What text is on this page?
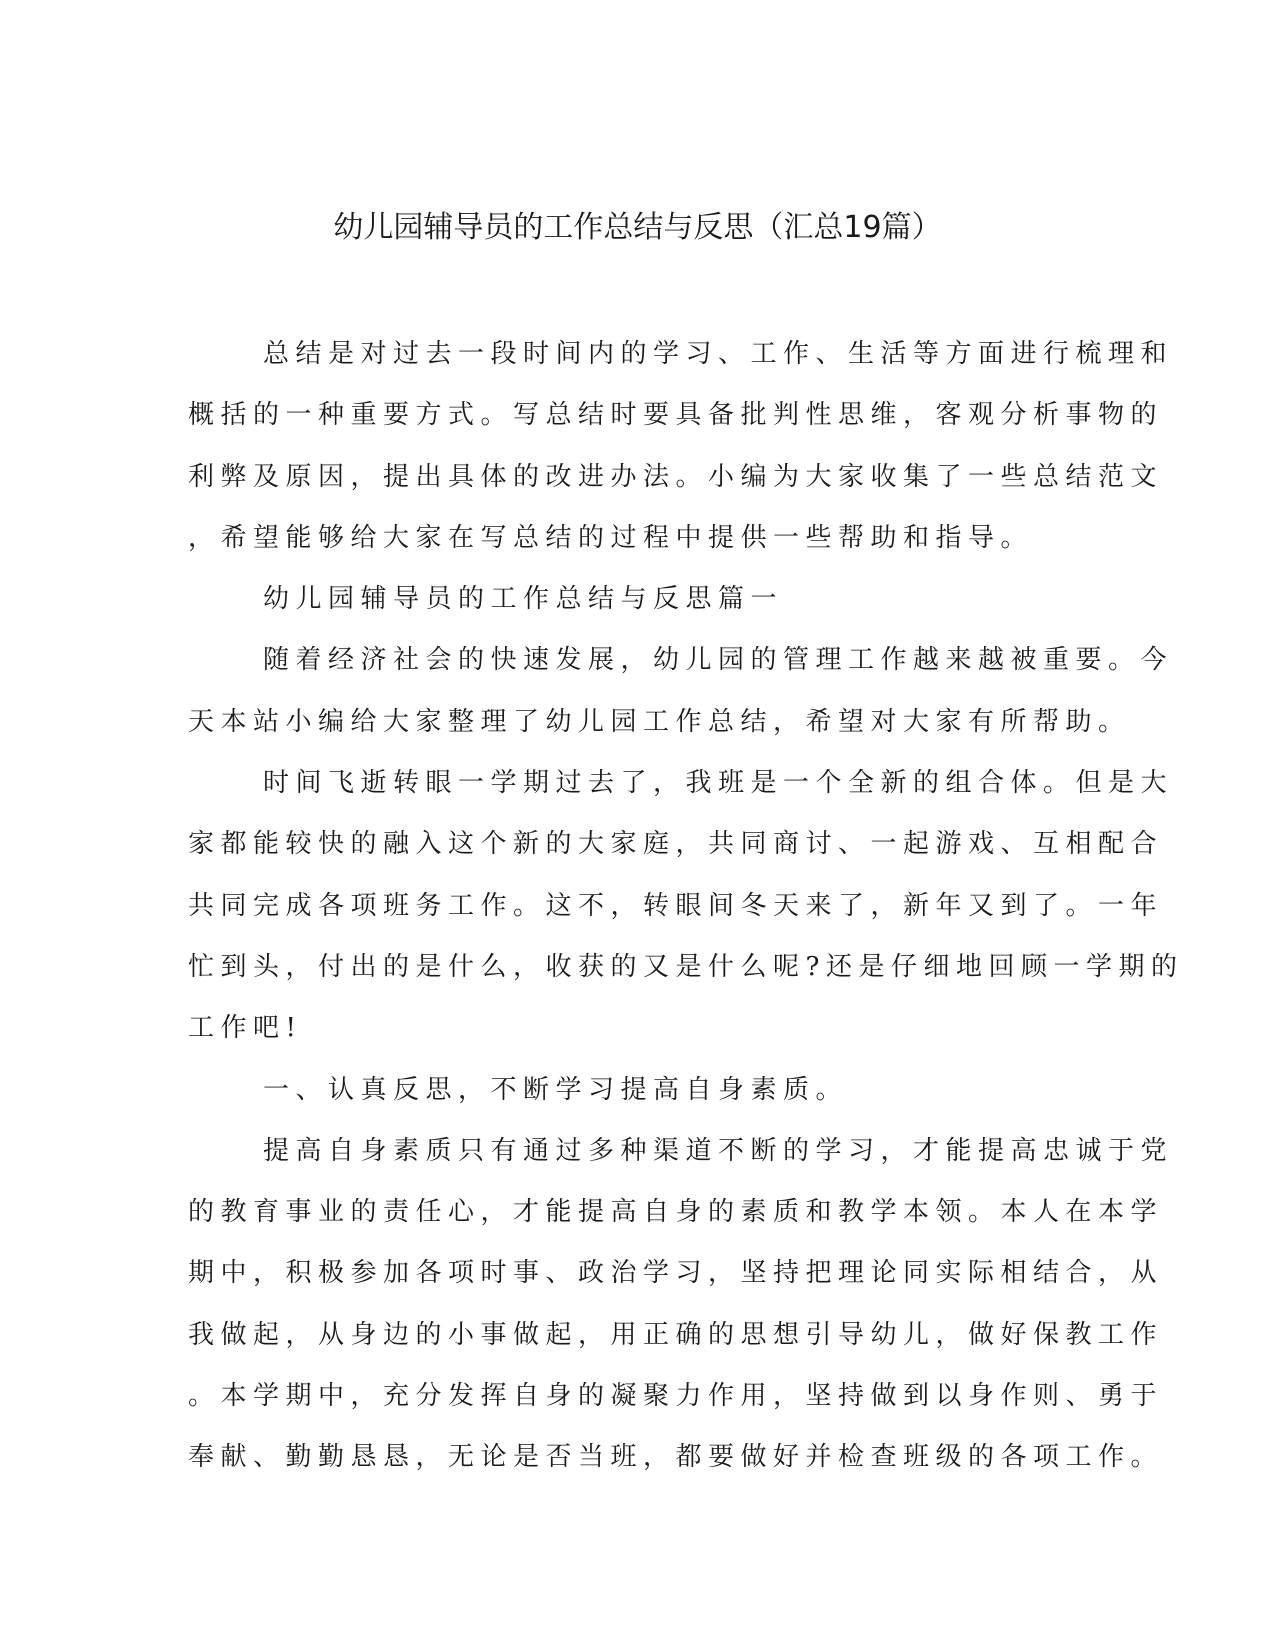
幼儿园辅导员的工作总结与反思（汇总19篇）
总结是对过去一段时间内的学习、工作、生活等方面进行梳理和
概括的一种重要方式。写总结时要具备批判性思维，客观分析事物的
利弊及原因，提出具体的改进办法。小编为大家收集了一些总结范文
，希望能够给大家在写总结的过程中提供一些帮助和指导。
幼儿园辅导员的工作总结与反思篇一
随着经济社会的快速发展，幼儿园的管理工作越来越被重要。今
天本站小编给大家整理了幼儿园工作总结，希望对大家有所帮助。
时间飞逝转眼一学期过去了，我班是一个全新的组合体。但是大
家都能较快的融入这个新的大家庭，共同商讨、一起游戏、互相配合
共同完成各项班务工作。这不，转眼间冬天来了，新年又到了。一年
忙到头，付出的是什么，收获的又是什么呢?还是仔细地回顾一学期的
工作吧!
一、认真反思，不断学习提高自身素质。
提高自身素质只有通过多种渠道不断的学习，才能提高忠诚于党
的教育事业的责任心，才能提高自身的素质和教学本领。本人在本学
期中，积极参加各项时事、政治学习，坚持把理论同实际相结合，从
我做起，从身边的小事做起，用正确的思想引导幼儿，做好保教工作
。本学期中，充分发挥自身的凝聚力作用，坚持做到以身作则、勇于
奉献、勤勤恳恳，无论是否当班，都要做好并检查班级的各项工作。
